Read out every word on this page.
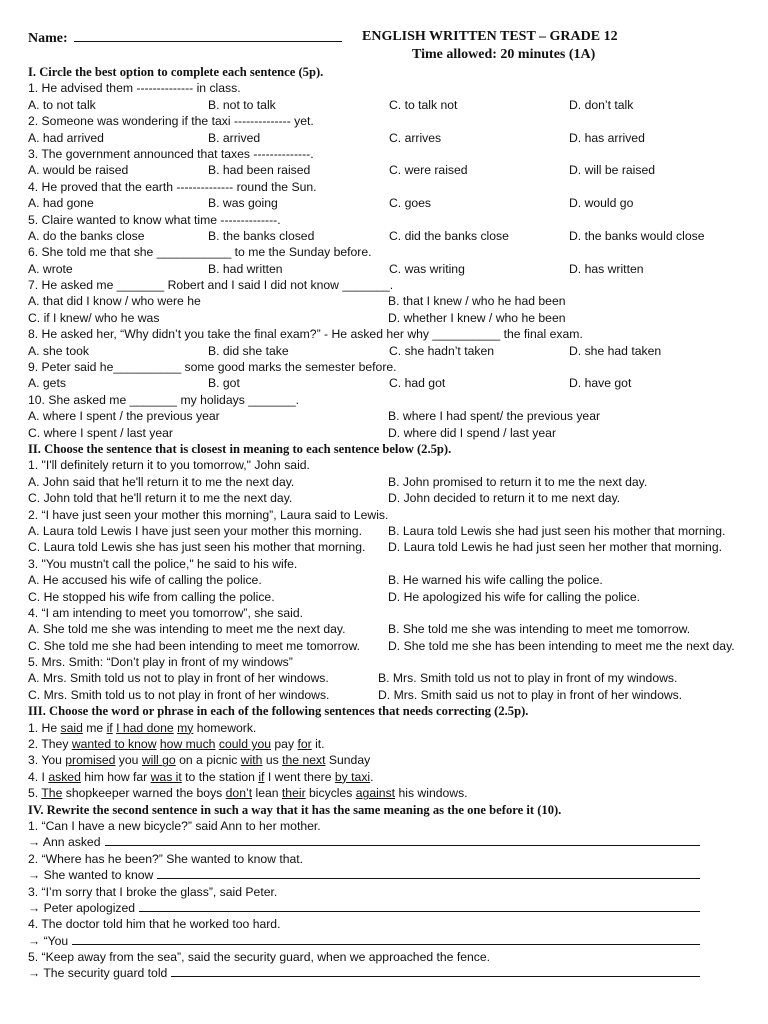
Name:	ENGLISH WRITTEN TEST – GRADE 12
Time allowed: 20 minutes (1A)
I. Circle the best option to complete each sentence (5p).
1. He advised them -------------- in class.
A. to not talk	B. not to talk	C. to talk not	D. don’t talk
2. Someone was wondering if the taxi -------------- yet.
A. had arrived	B. arrived	C. arrives	D. has arrived
3. The government announced that taxes --------------.
A. would be raised	B. had been raised	C. were raised	D. will be raised
4. He proved that the earth -------------- round the Sun.
A. had gone	B. was going	C. goes	D. would go
5. Claire wanted to know what time --------------.
A. do the banks close	B. the banks closed	C. did the banks close	D. the banks would close
6. She told me that she ___________ to me the Sunday before.
A. wrote	B. had written	C. was writing	D. has written
7. He asked me _______ Robert and I said I did not know _______.
A. that did I know / who were he	B. that I knew / who he had been
C. if I knew/ who he was	D. whether I knew / who he been
8. He asked her, “Why didn’t you take the final exam?” - He asked her why __________ the final exam.
A. she took	B. did she take	C. she hadn’t taken	D. she had taken
9. Peter said he__________ some good marks the semester before.
A. gets	B. got	C. had got	D. have got
10. She asked me _______ my holidays _______.
A. where I spent / the previous year	B. where I had spent/ the previous year
C. where I spent / last year	D. where did I spend / last year
II. Choose the sentence that is closest in meaning to each sentence below (2.5p).
1. "I'll definitely return it to you tomorrow," John said.
A. John said that he'll return it to me the next day.	B. John promised to return it to me the next day.
C. John told that he'll return it to me the next day.	D. John decided to return it to me next day.
2. “I have just seen your mother this morning”, Laura said to Lewis.
A. Laura told Lewis I have just seen your mother this morning. B. Laura told Lewis she had just seen his mother that morning.
C. Laura told Lewis she has just seen his mother that morning. D. Laura told Lewis he had just seen her mother that morning.
3. "You mustn't call the police," he said to his wife.
A. He accused his wife of calling the police.	B. He warned his wife calling the police.
C. He stopped his wife from calling the police.	D. He apologized his wife for calling the police.
4. “I am intending to meet you tomorrow”, she said.
A. She told me she was intending to meet me the next day.	B. She told me she was intending to meet me tomorrow.
C. She told me she had been intending to meet me tomorrow. D. She told me she has been intending to meet me the next day.
5. Mrs. Smith: “Don’t play in front of my windows”
A. Mrs. Smith told us not to play in front of her windows.	B. Mrs. Smith told us not to play in front of my windows.
C. Mrs. Smith told us to not play in front of her windows.	D. Mrs. Smith said us not to play in front of her windows.
III. Choose the word or phrase in each of the following sentences that needs correcting (2.5p).
1. He said me if I had done my homework.
2. They wanted to know how much could you pay for it.
3. You promised you will go on a picnic with us the next Sunday
4. I asked him how far was it to the station if I went there by taxi.
5. The shopkeeper warned the boys don’t lean their bicycles against his windows.
IV. Rewrite the second sentence in such a way that it has the same meaning as the one before it (10).
1. “Can I have a new bicycle?” said Ann to her mother.
→ Ann asked
2. “Where has he been?” She wanted to know that.
→ She wanted to know
3. “I’m sorry that I broke the glass”, said Peter.
→ Peter apologized
4. The doctor told him that he worked too hard.
→ “You
5. “Keep away from the sea”, said the security guard, when we approached the fence.
→ The security guard told
